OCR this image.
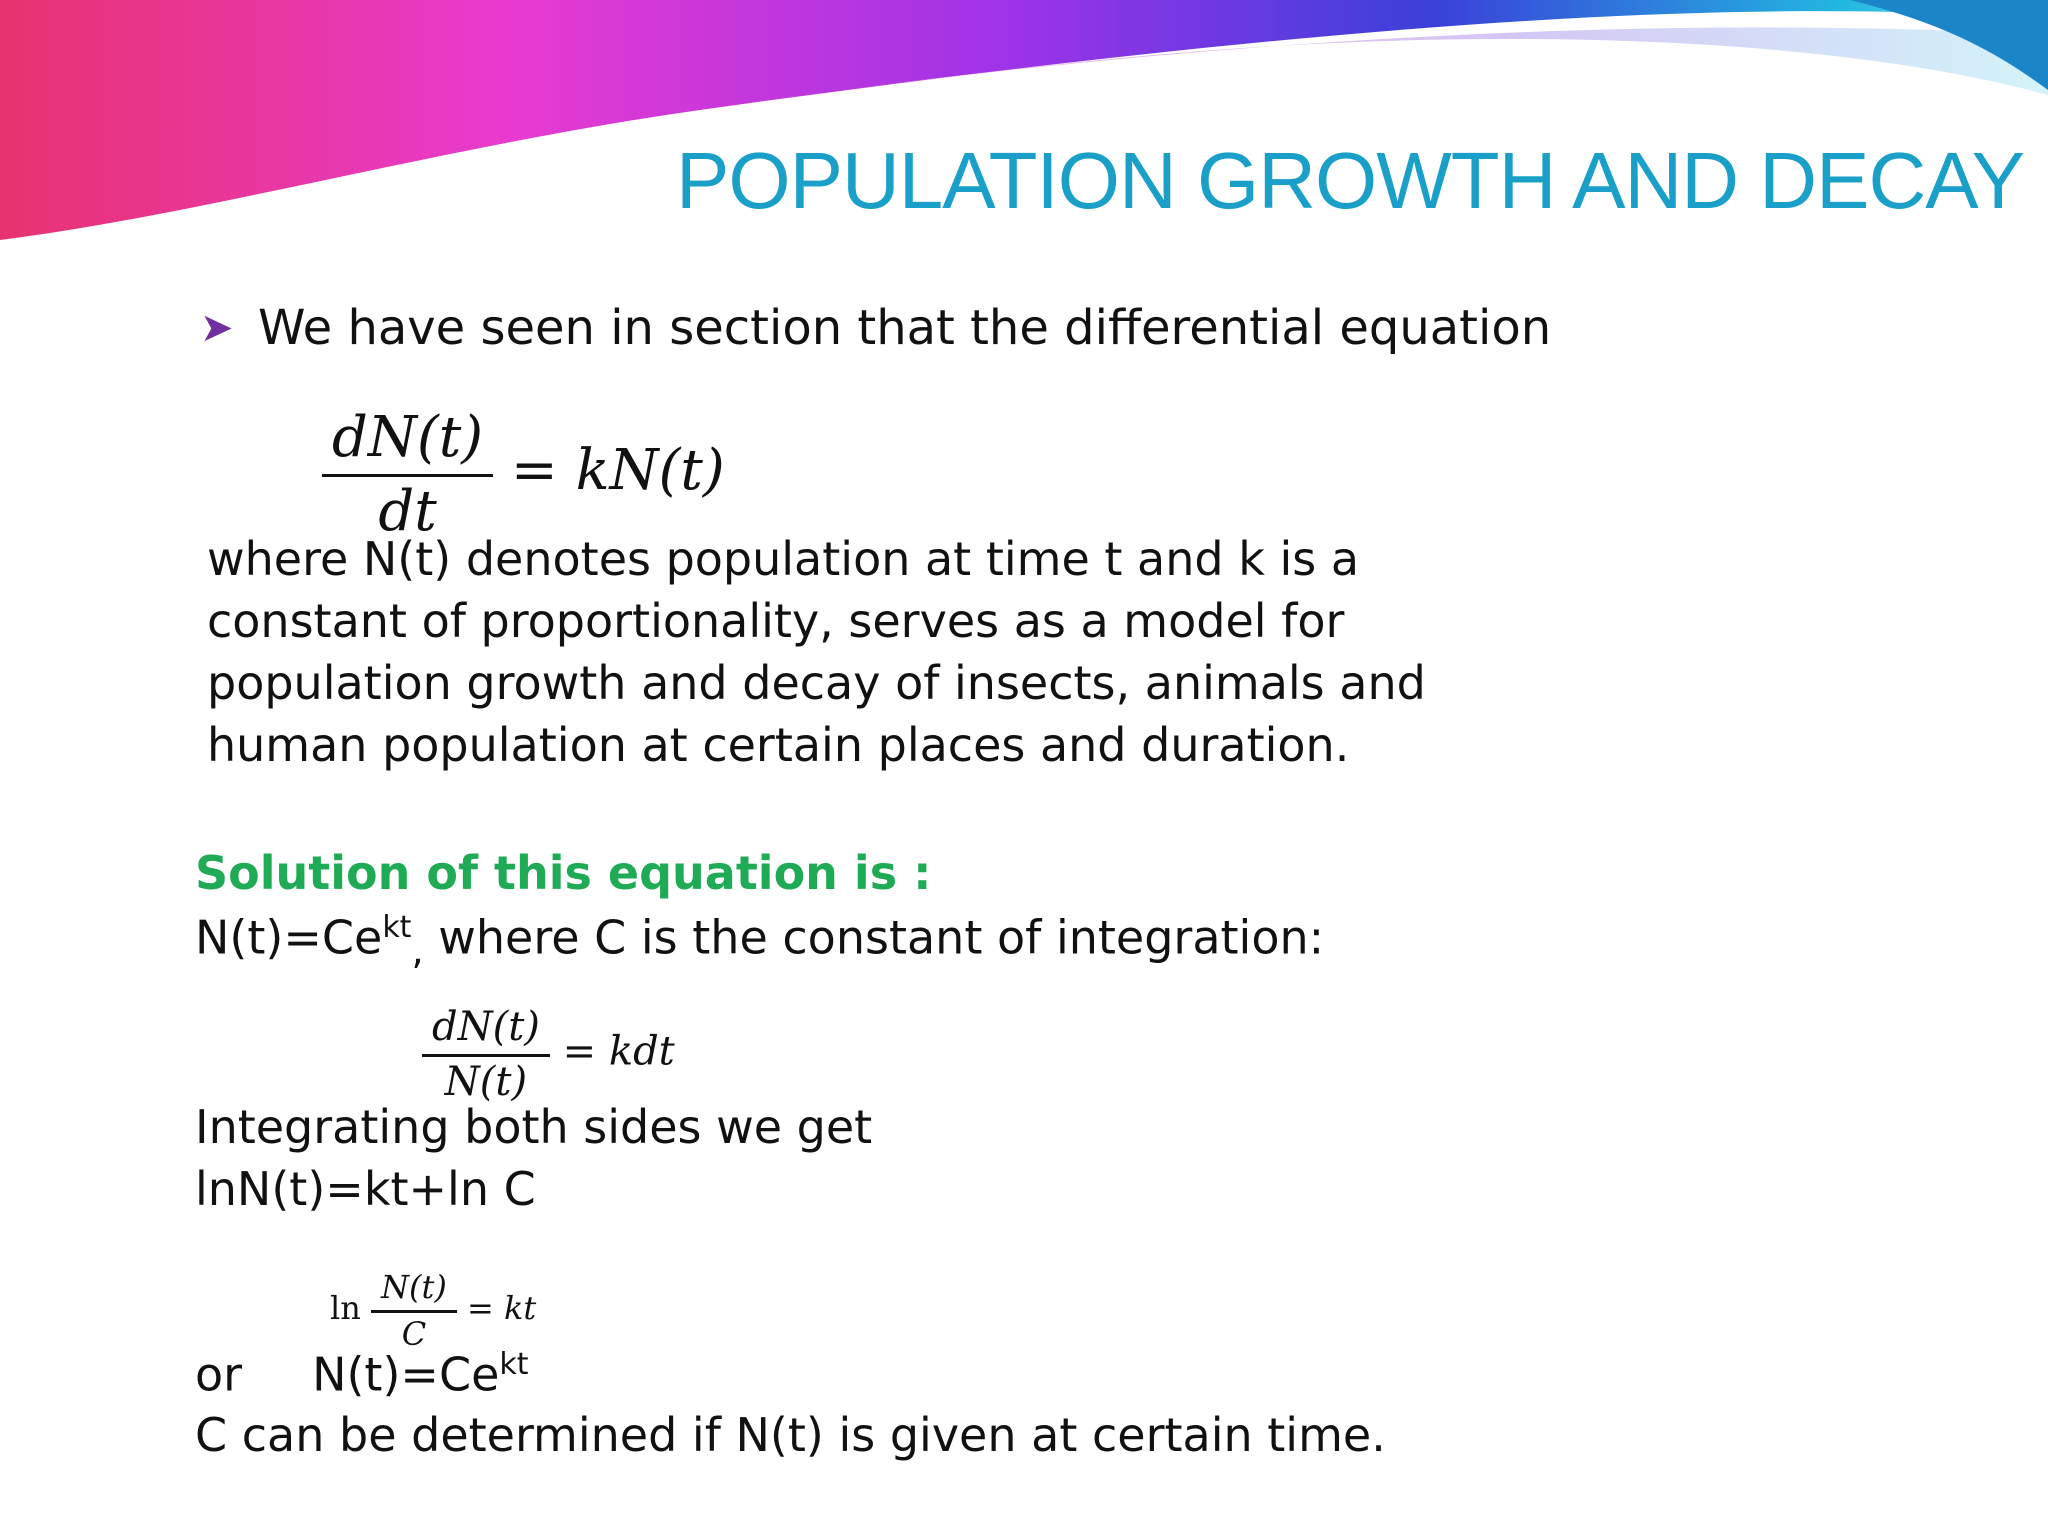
POPULATION GROWTH AND DECAY
➤ We have seen in section that the differential equation
$\frac{dN(t)}{dt} = kN(t)$
where N(t) denotes population at time t and k is a
constant of proportionality, serves as a model for
population growth and decay of insects, animals and
human population at certain places and duration.
Solution of this equation is :
$N(t)=Ce^{kt}_,$ where C is the constant of integration:
$\frac{dN(t)}{N(t)}$ = kdt
Integrating both sides we get
lnN(t)=kt+ln C
$\ln \frac{N(t)}{C}$ = kt
or $N(t)=Ce^{kt}$
C can be determined if N(t) is given at certain time.
